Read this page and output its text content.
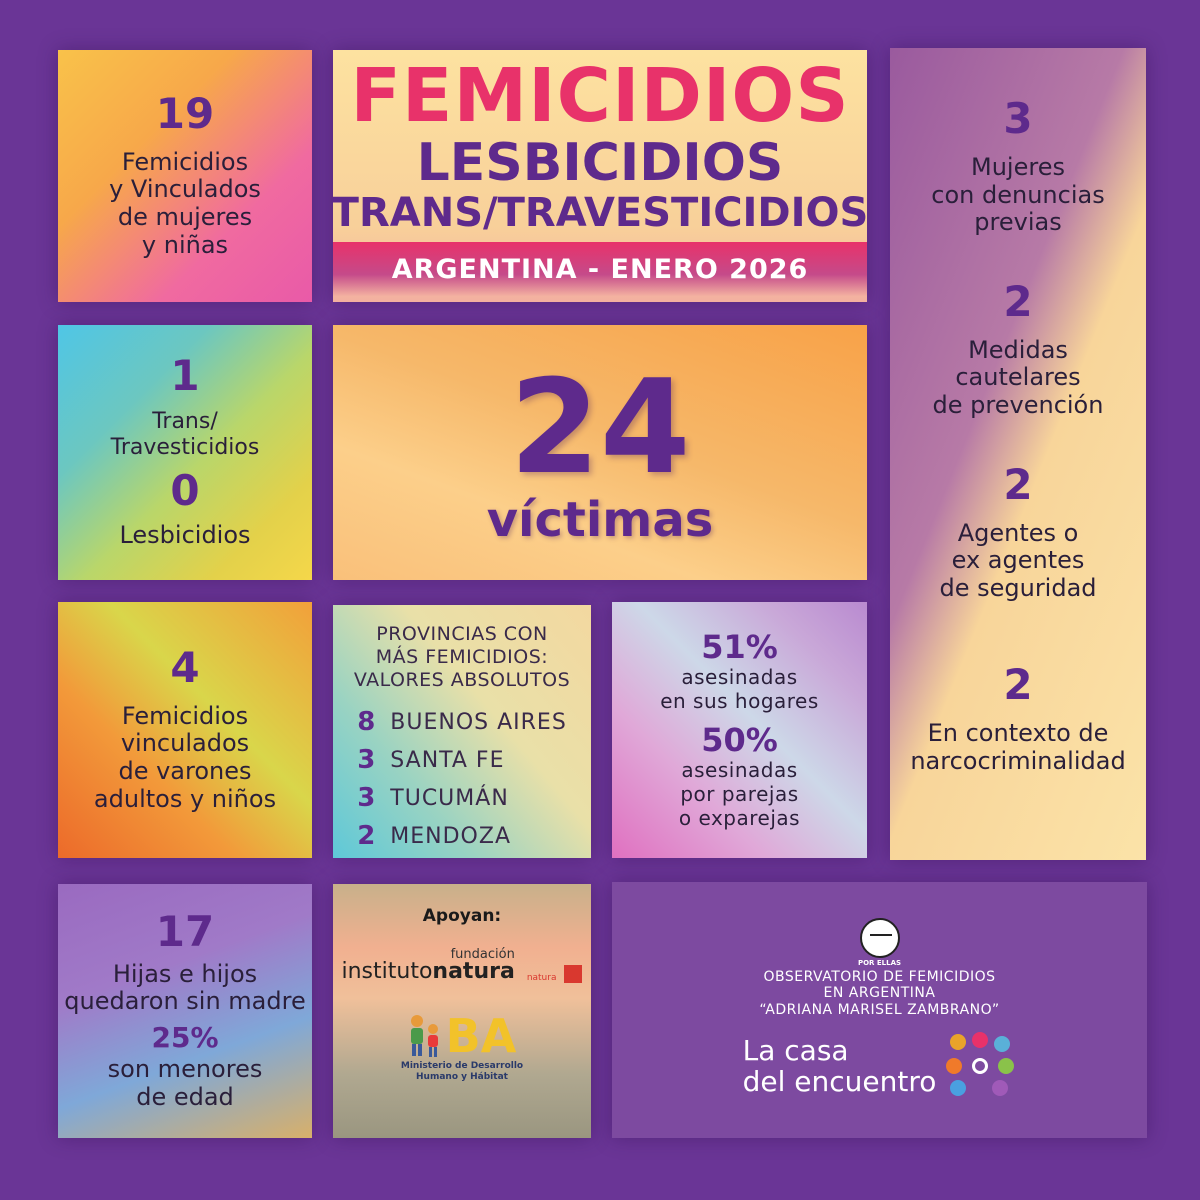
19
Femicidios
y Vinculados
de mujeres
y niñas
FEMICIDIOS
LESBICIDIOS
TRANS/TRAVESTICIDIOS
ARGENTINA - ENERO 2026
3
Mujeres
con denuncias
previas
2
Medidas
cautelares
de prevención
2
Agentes o
ex agentes
de seguridad
2
En contexto de
narcocriminalidad
1
Trans/
Travesticidios
0
Lesbicidios
24
víctimas
4
Femicidios
vinculados
de varones
adultos y niños
PROVINCIAS CON
MÁS FEMICIDIOS:
VALORES ABSOLUTOS
8	BUENOS AIRES
3	SANTA FE
3	TUCUMÁN
2	MENDOZA
51%
asesinadas
en sus hogares
50%
asesinadas
por parejas
o exparejas
17
Hijas e hijos
quedaron sin madre
25%
son menores
de edad
Apoyan:
fundación
institutonatura natura
BA
Ministerio de Desarrollo
Humano y Hábitat
POR ELLAS
OBSERVATORIO DE FEMICIDIOS
EN ARGENTINA
“ADRIANA MARISEL ZAMBRANO”
La casa
del encuentro
